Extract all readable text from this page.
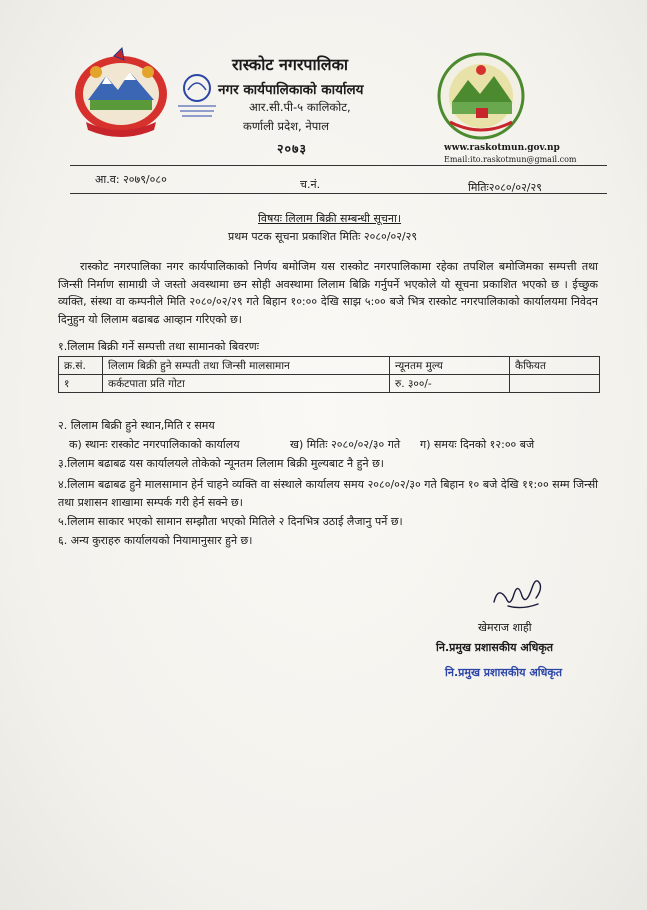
रास्कोट नगरपालिका
नगर कार्यपालिकाको कार्यालय
आर.सी.पी-५ कालिकोट,
कर्णाली प्रदेश, नेपाल
२०७३	www.raskotmun.gov.np
Email:ito.raskotmun@gmail.com
आ.व: २०७९/०८०	च.नं.	मितिः२०८०/०२/२९
विषयः लिलाम बिक्री सम्बन्धी सूचना।
प्रथम पटक सूचना प्रकाशित मितिः २०८०/०२/२९
रास्कोट नगरपालिका नगर कार्यपालिकाको निर्णय बमोजिम यस रास्कोट नगरपालिकामा रहेका तपशिल बमोजिमका सम्पत्ती तथा जिन्सी निर्माण सामाग्री जे जस्तो अवस्थामा छन सोही अवस्थामा लिलाम बिक्रि गर्नुपर्ने भएकोले यो सूचना प्रकाशित भएको छ । ईच्छुक व्यक्ति, संस्था वा कम्पनीले मिति २०८०/०२/२९ गते बिहान १०:०० देखि साझ ५:०० बजे भित्र रास्कोट नगरपालिकाको कार्यालयमा निवेदन दिनुहुन यो लिलाम बढाबढ आव्हान गरिएको छ।
१.लिलाम बिक्री गर्ने सम्पत्ती तथा सामानको बिवरणः
क्र.सं.	लिलाम बिक्री हुने सम्पती तथा जिन्सी मालसामान	न्यूनतम मुल्य	कैफियत
१	कर्कटपाता प्रति गोटा	रु. ३००/-	
२. लिलाम बिक्री हुने स्थान,मिति र समय
क) स्थानः रास्कोट नगरपालिकाको कार्यालय	ख) मितिः २०८०/०२/३० गते ग) समयः दिनको १२:०० बजे
३.लिलाम बढाबढ यस कार्यालयले तोकेको न्यूनतम लिलाम बिक्री मुल्यबाट नै हुने छ।
४.लिलाम बढाबढ हुने मालसामान हेर्न चाहने व्यक्ति वा संस्थाले कार्यालय समय २०८०/०२/३० गते बिहान १० बजे देखि ११:०० सम्म जिन्सी तथा प्रशासन शाखामा सम्पर्क गरी हेर्न सक्ने छ।
५.लिलाम साकार भएको सामान सम्झौता भएको मितिले २ दिनभित्र उठाई लैजानु पर्ने छ।
६. अन्य कुराहरु कार्यालयको नियामानुसार हुने छ।
खेमराज शाही
नि.प्रमुख प्रशासकीय अधिकृत
नि.प्रमुख प्रशासकीय अधिकृत
